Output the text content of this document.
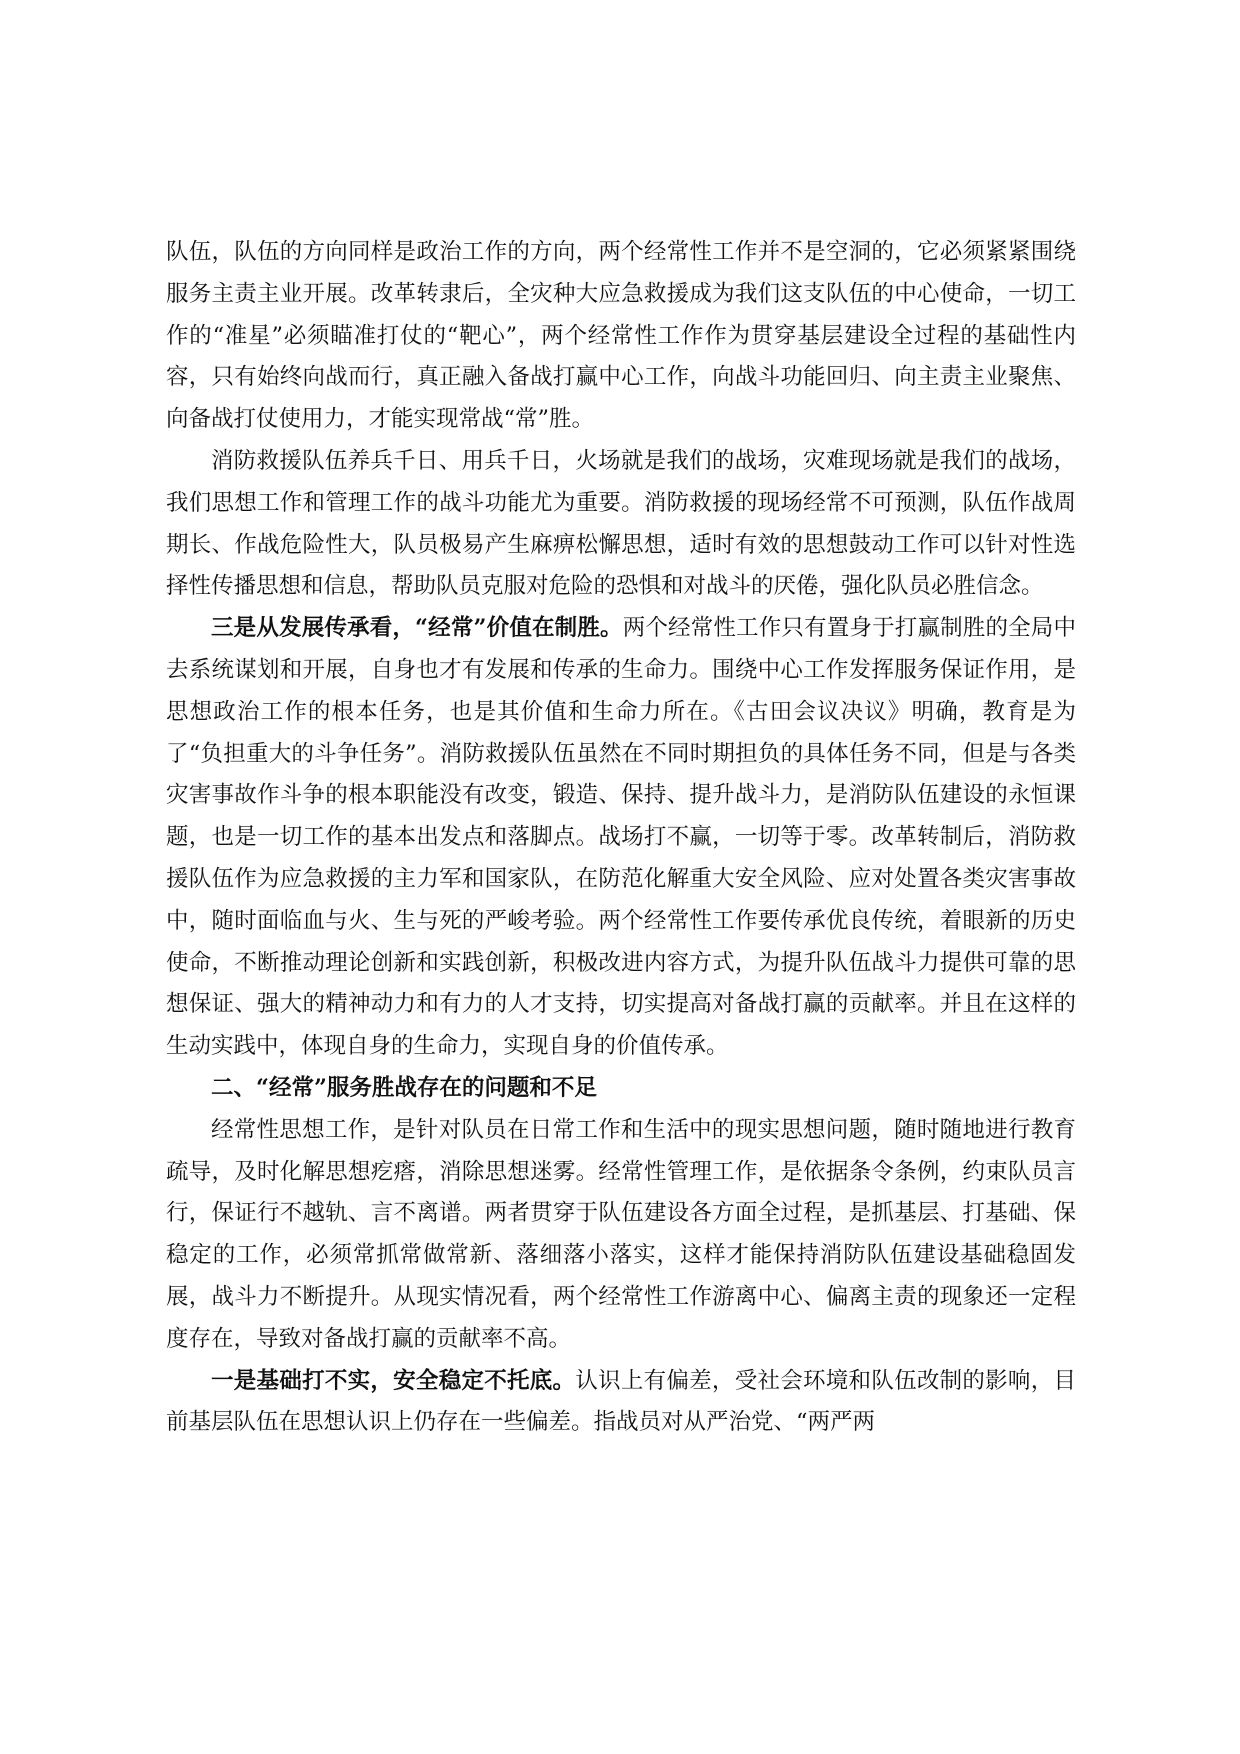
队伍，队伍的方向同样是政治工作的方向，两个经常性工作并不是空洞的，它必须紧紧围绕服务主责主业开展。改革转隶后，全灾种大应急救援成为我们这支队伍的中心使命，一切工作的“准星”必须瞄准打仗的“靶心”，两个经常性工作作为贯穿基层建设全过程的基础性内容，只有始终向战而行，真正融入备战打赢中心工作，向战斗功能回归、向主责主业聚焦、向备战打仗使用力，才能实现常战“常”胜。

消防救援队伍养兵千日、用兵千日，火场就是我们的战场，灾难现场就是我们的战场，我们思想工作和管理工作的战斗功能尤为重要。消防救援的现场经常不可预测，队伍作战周期长、作战危险性大，队员极易产生麻痹松懈思想，适时有效的思想鼓动工作可以针对性选择性传播思想和信息，帮助队员克服对危险的恐惧和对战斗的厌倦，强化队员必胜信念。

三是从发展传承看，“经常”价值在制胜。两个经常性工作只有置身于打赢制胜的全局中去系统谋划和开展，自身也才有发展和传承的生命力。围绕中心工作发挥服务保证作用，是思想政治工作的根本任务，也是其价值和生命力所在。《古田会议决议》明确，教育是为了“负担重大的斗争任务”。消防救援队伍虽然在不同时期担负的具体任务不同，但是与各类灾害事故作斗争的根本职能没有改变，锻造、保持、提升战斗力，是消防队伍建设的永恒课题，也是一切工作的基本出发点和落脚点。战场打不赢，一切等于零。改革转制后，消防救援队伍作为应急救援的主力军和国家队，在防范化解重大安全风险、应对处置各类灾害事故中，随时面临血与火、生与死的严峻考验。两个经常性工作要传承优良传统，着眼新的历史使命，不断推动理论创新和实践创新，积极改进内容方式，为提升队伍战斗力提供可靠的思想保证、强大的精神动力和有力的人才支持，切实提高对备战打赢的贡献率。并且在这样的生动实践中，体现自身的生命力，实现自身的价值传承。

二、“经常”服务胜战存在的问题和不足

经常性思想工作，是针对队员在日常工作和生活中的现实思想问题，随时随地进行教育疏导，及时化解思想疙瘩，消除思想迷雾。经常性管理工作，是依据条令条例，约束队员言行，保证行不越轨、言不离谱。两者贯穿于队伍建设各方面全过程，是抓基层、打基础、保稳定的工作，必须常抓常做常新、落细落小落实，这样才能保持消防队伍建设基础稳固发展，战斗力不断提升。从现实情况看，两个经常性工作游离中心、偏离主责的现象还一定程度存在，导致对备战打赢的贡献率不高。

一是基础打不实，安全稳定不托底。认识上有偏差，受社会环境和队伍改制的影响，目前基层队伍在思想认识上仍存在一些偏差。指战员对从严治党、“两严两
